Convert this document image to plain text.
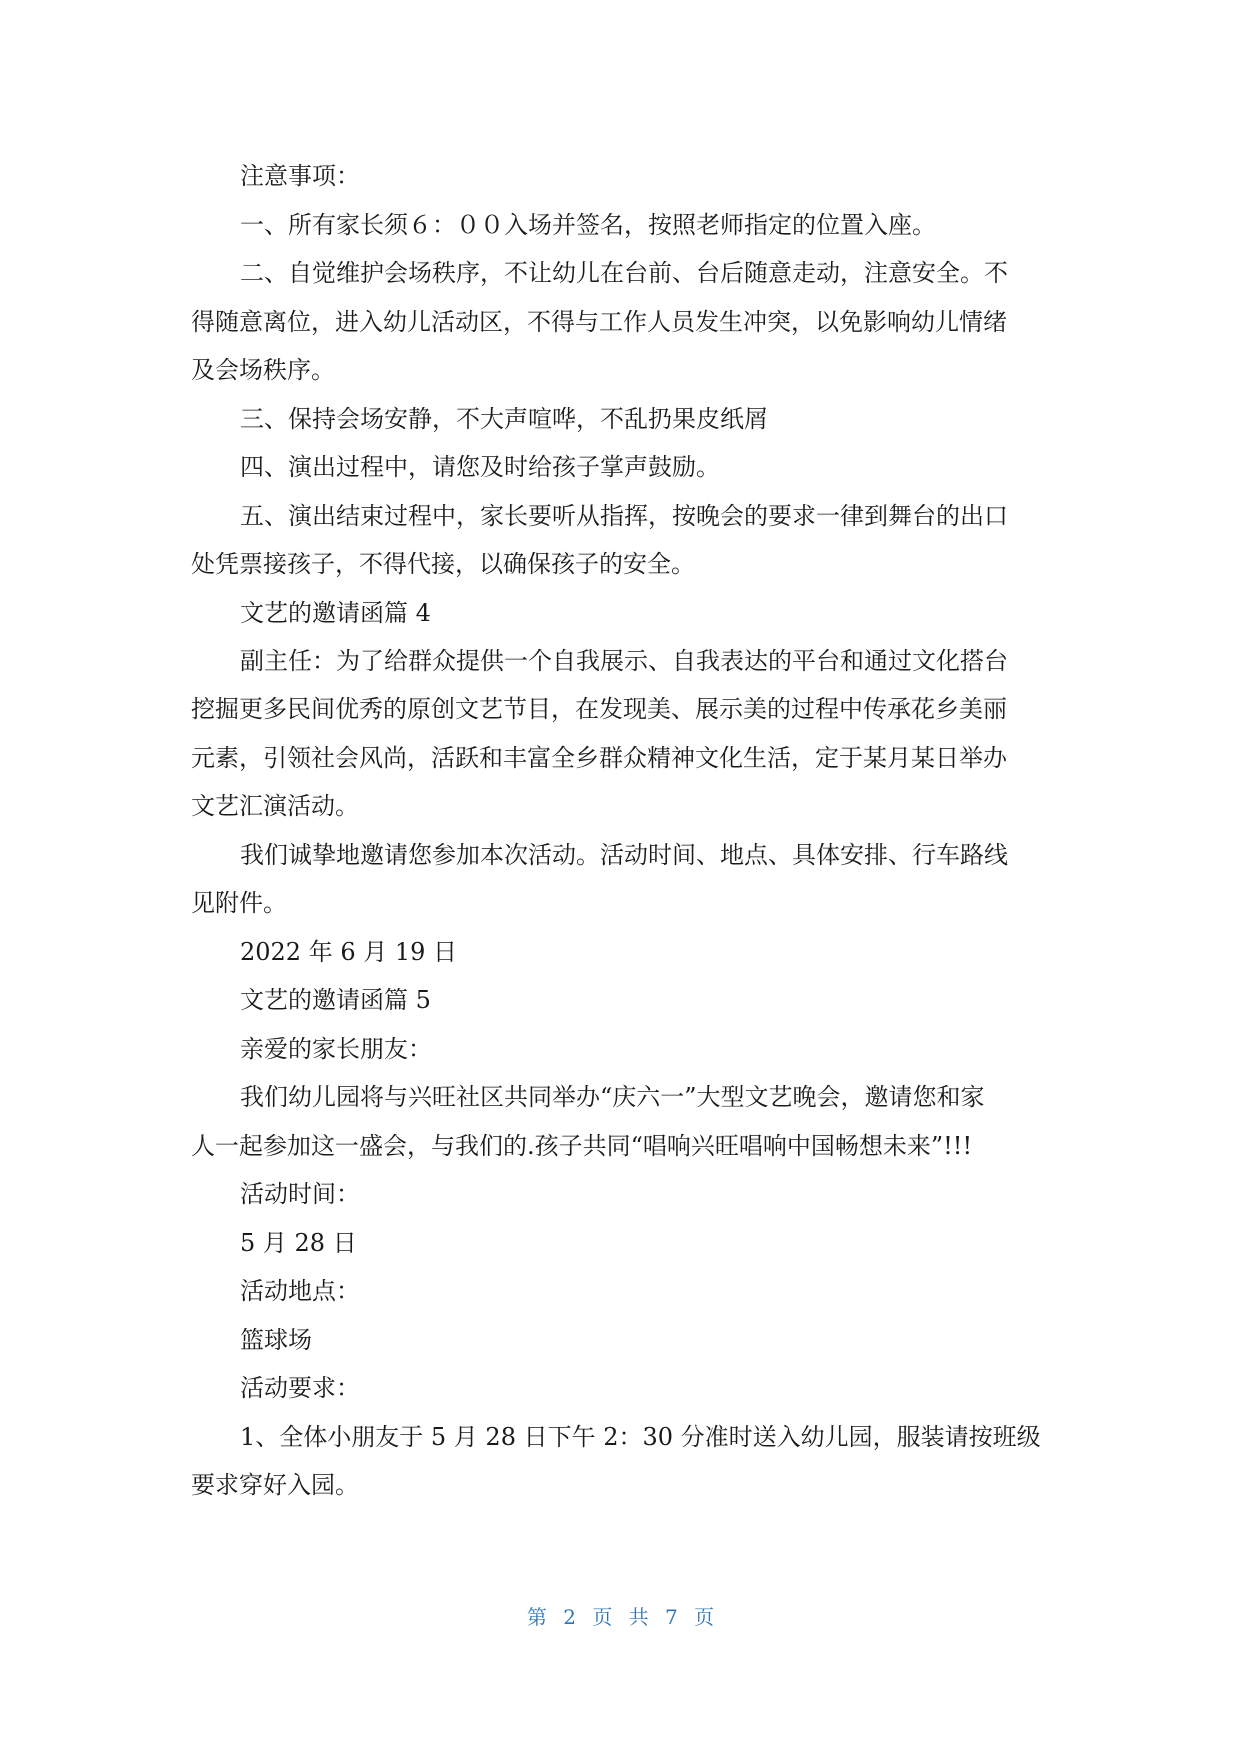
注意事项：
一、所有家长须６：００入场并签名，按照老师指定的位置入座。
二、自觉维护会场秩序，不让幼儿在台前、台后随意走动，注意安全。不
得随意离位，进入幼儿活动区，不得与工作人员发生冲突，以免影响幼儿情绪
及会场秩序。
三、保持会场安静，不大声喧哗，不乱扔果皮纸屑
四、演出过程中，请您及时给孩子掌声鼓励。
五、演出结束过程中，家长要听从指挥，按晚会的要求一律到舞台的出口
处凭票接孩子，不得代接，以确保孩子的安全。
文艺的邀请函篇 4
副主任：为了给群众提供一个自我展示、自我表达的平台和通过文化搭台
挖掘更多民间优秀的原创文艺节目，在发现美、展示美的过程中传承花乡美丽
元素，引领社会风尚，活跃和丰富全乡群众精神文化生活，定于某月某日举办
文艺汇演活动。
我们诚挚地邀请您参加本次活动。活动时间、地点、具体安排、行车路线
见附件。
2022 年 6 月 19 日
文艺的邀请函篇 5
亲爱的家长朋友：
我们幼儿园将与兴旺社区共同举办“庆六一”大型文艺晚会，邀请您和家
人一起参加这一盛会，与我们的.孩子共同“唱响兴旺唱响中国畅想未来”!!!
活动时间：
5 月 28 日
活动地点：
篮球场
活动要求：
1、全体小朋友于 5 月 28 日下午 2：30 分准时送入幼儿园，服装请按班级
要求穿好入园。
第 2 页 共 7 页
